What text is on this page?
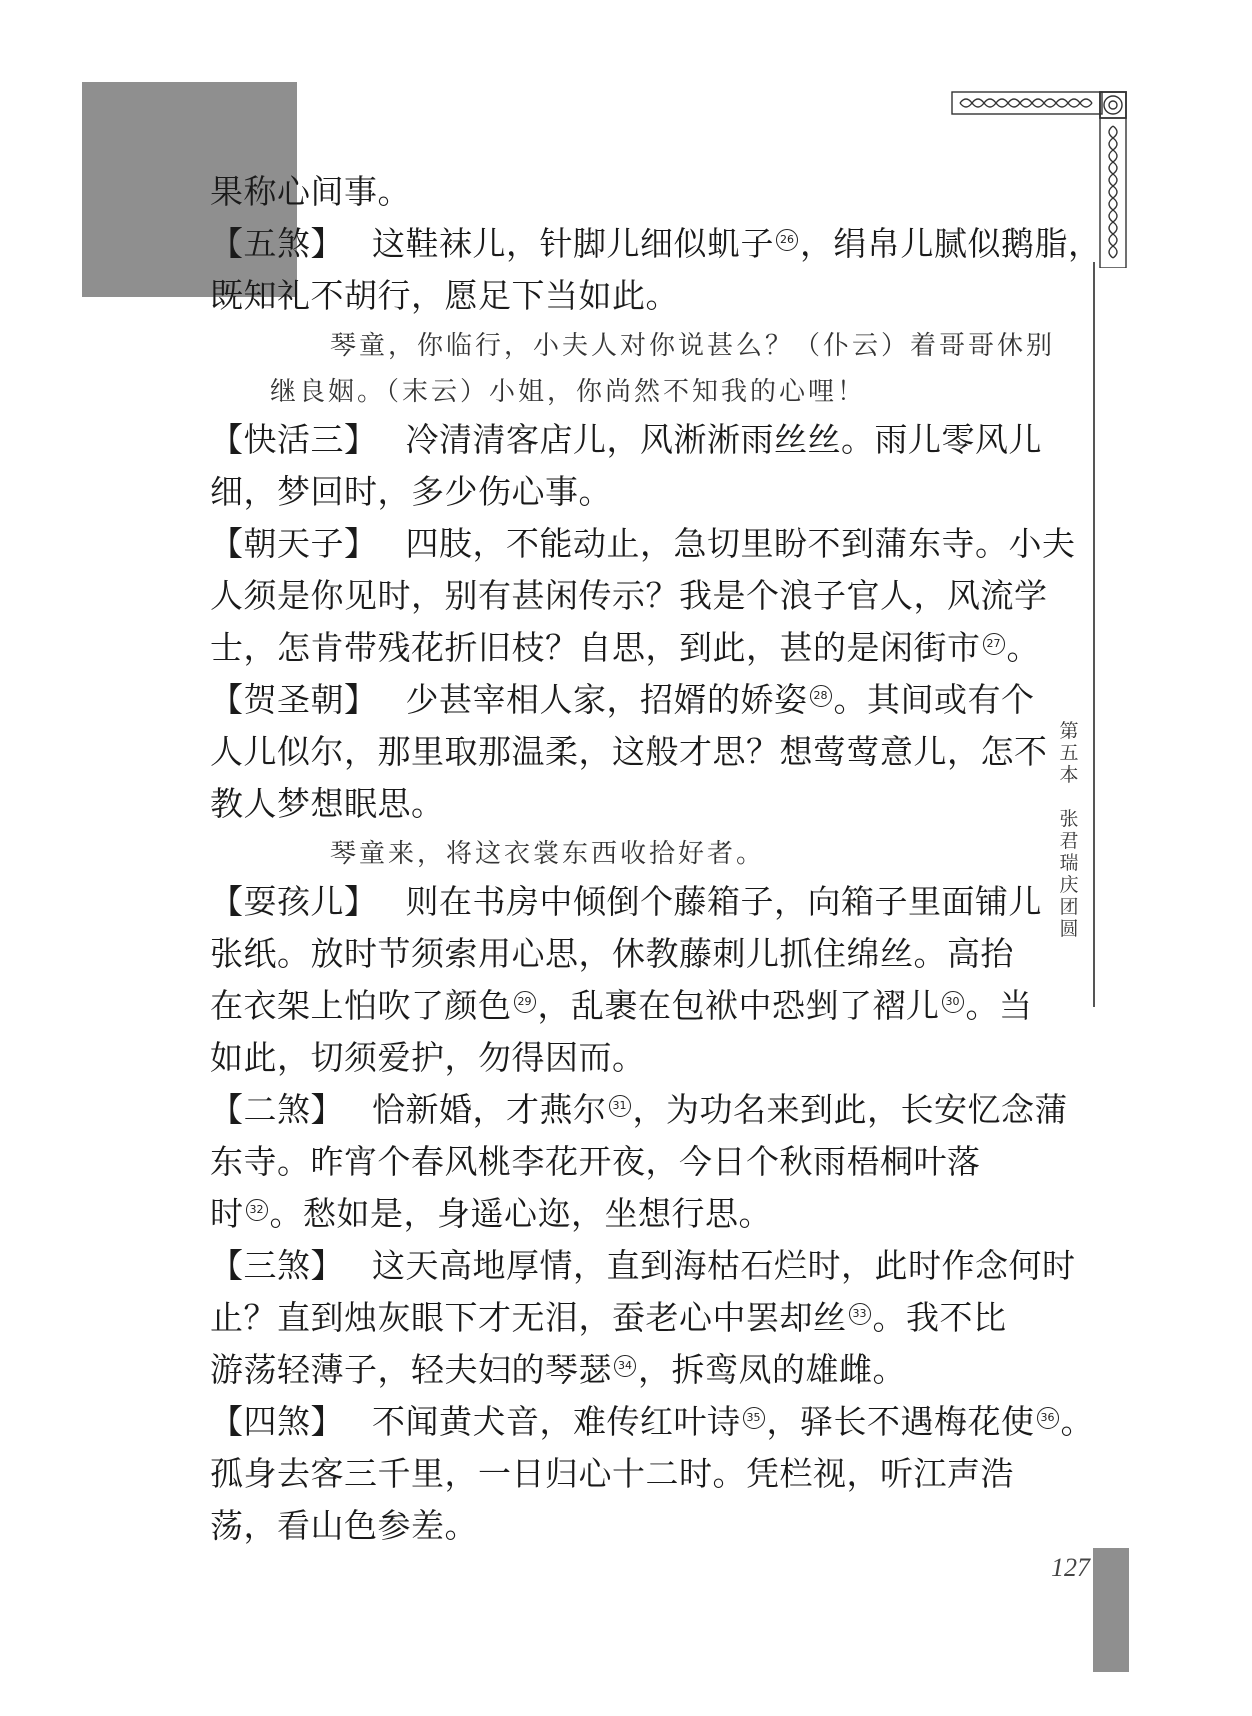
第
五
本
张
君
瑞
庆
团
圆
果称心间事。
【五煞】 这鞋袜儿，针脚儿细似虮子 26 ，绢帛儿腻似鹅脂，
既知礼不胡行，愿足下当如此。
琴童，你临行，小夫人对你说甚么？（仆云）着哥哥休别
继良姻。（末云）小姐，你尚然不知我的心哩！
【快活三】 冷清清客店儿，风淅淅雨丝丝。雨儿零风儿
细，梦回时，多少伤心事。
【朝天子】 四肢，不能动止，急切里盼不到蒲东寺。小夫
人须是你见时，别有甚闲传示？我是个浪子官人，风流学
士，怎肯带残花折旧枝？自思，到此，甚的是闲街市 27 。
【贺圣朝】 少甚宰相人家，招婿的娇姿 28 。其间或有个
人儿似尔，那里取那温柔，这般才思？想莺莺意儿，怎不
教人梦想眠思。
琴童来，将这衣裳东西收拾好者。
【耍孩儿】 则在书房中倾倒个藤箱子，向箱子里面铺儿
张纸。放时节须索用心思，休教藤刺儿抓住绵丝。高抬
在衣架上怕吹了颜色 29 ，乱裹在包袱中恐剉了褶儿 30 。当
如此，切须爱护，勿得因而。
【二煞】 恰新婚，才燕尔 31 ，为功名来到此，长安忆念蒲
东寺。昨宵个春风桃李花开夜，今日个秋雨梧桐叶落
时 32 。愁如是，身遥心迩，坐想行思。
【三煞】 这天高地厚情，直到海枯石烂时，此时作念何时
止？直到烛灰眼下才无泪，蚕老心中罢却丝 33 。我不比
游荡轻薄子，轻夫妇的琴瑟 34 ，拆鸾凤的雄雌。
【四煞】 不闻黄犬音，难传红叶诗 35 ，驿长不遇梅花使 36 。
孤身去客三千里，一日归心十二时。凭栏视，听江声浩
荡，看山色参差。
127
